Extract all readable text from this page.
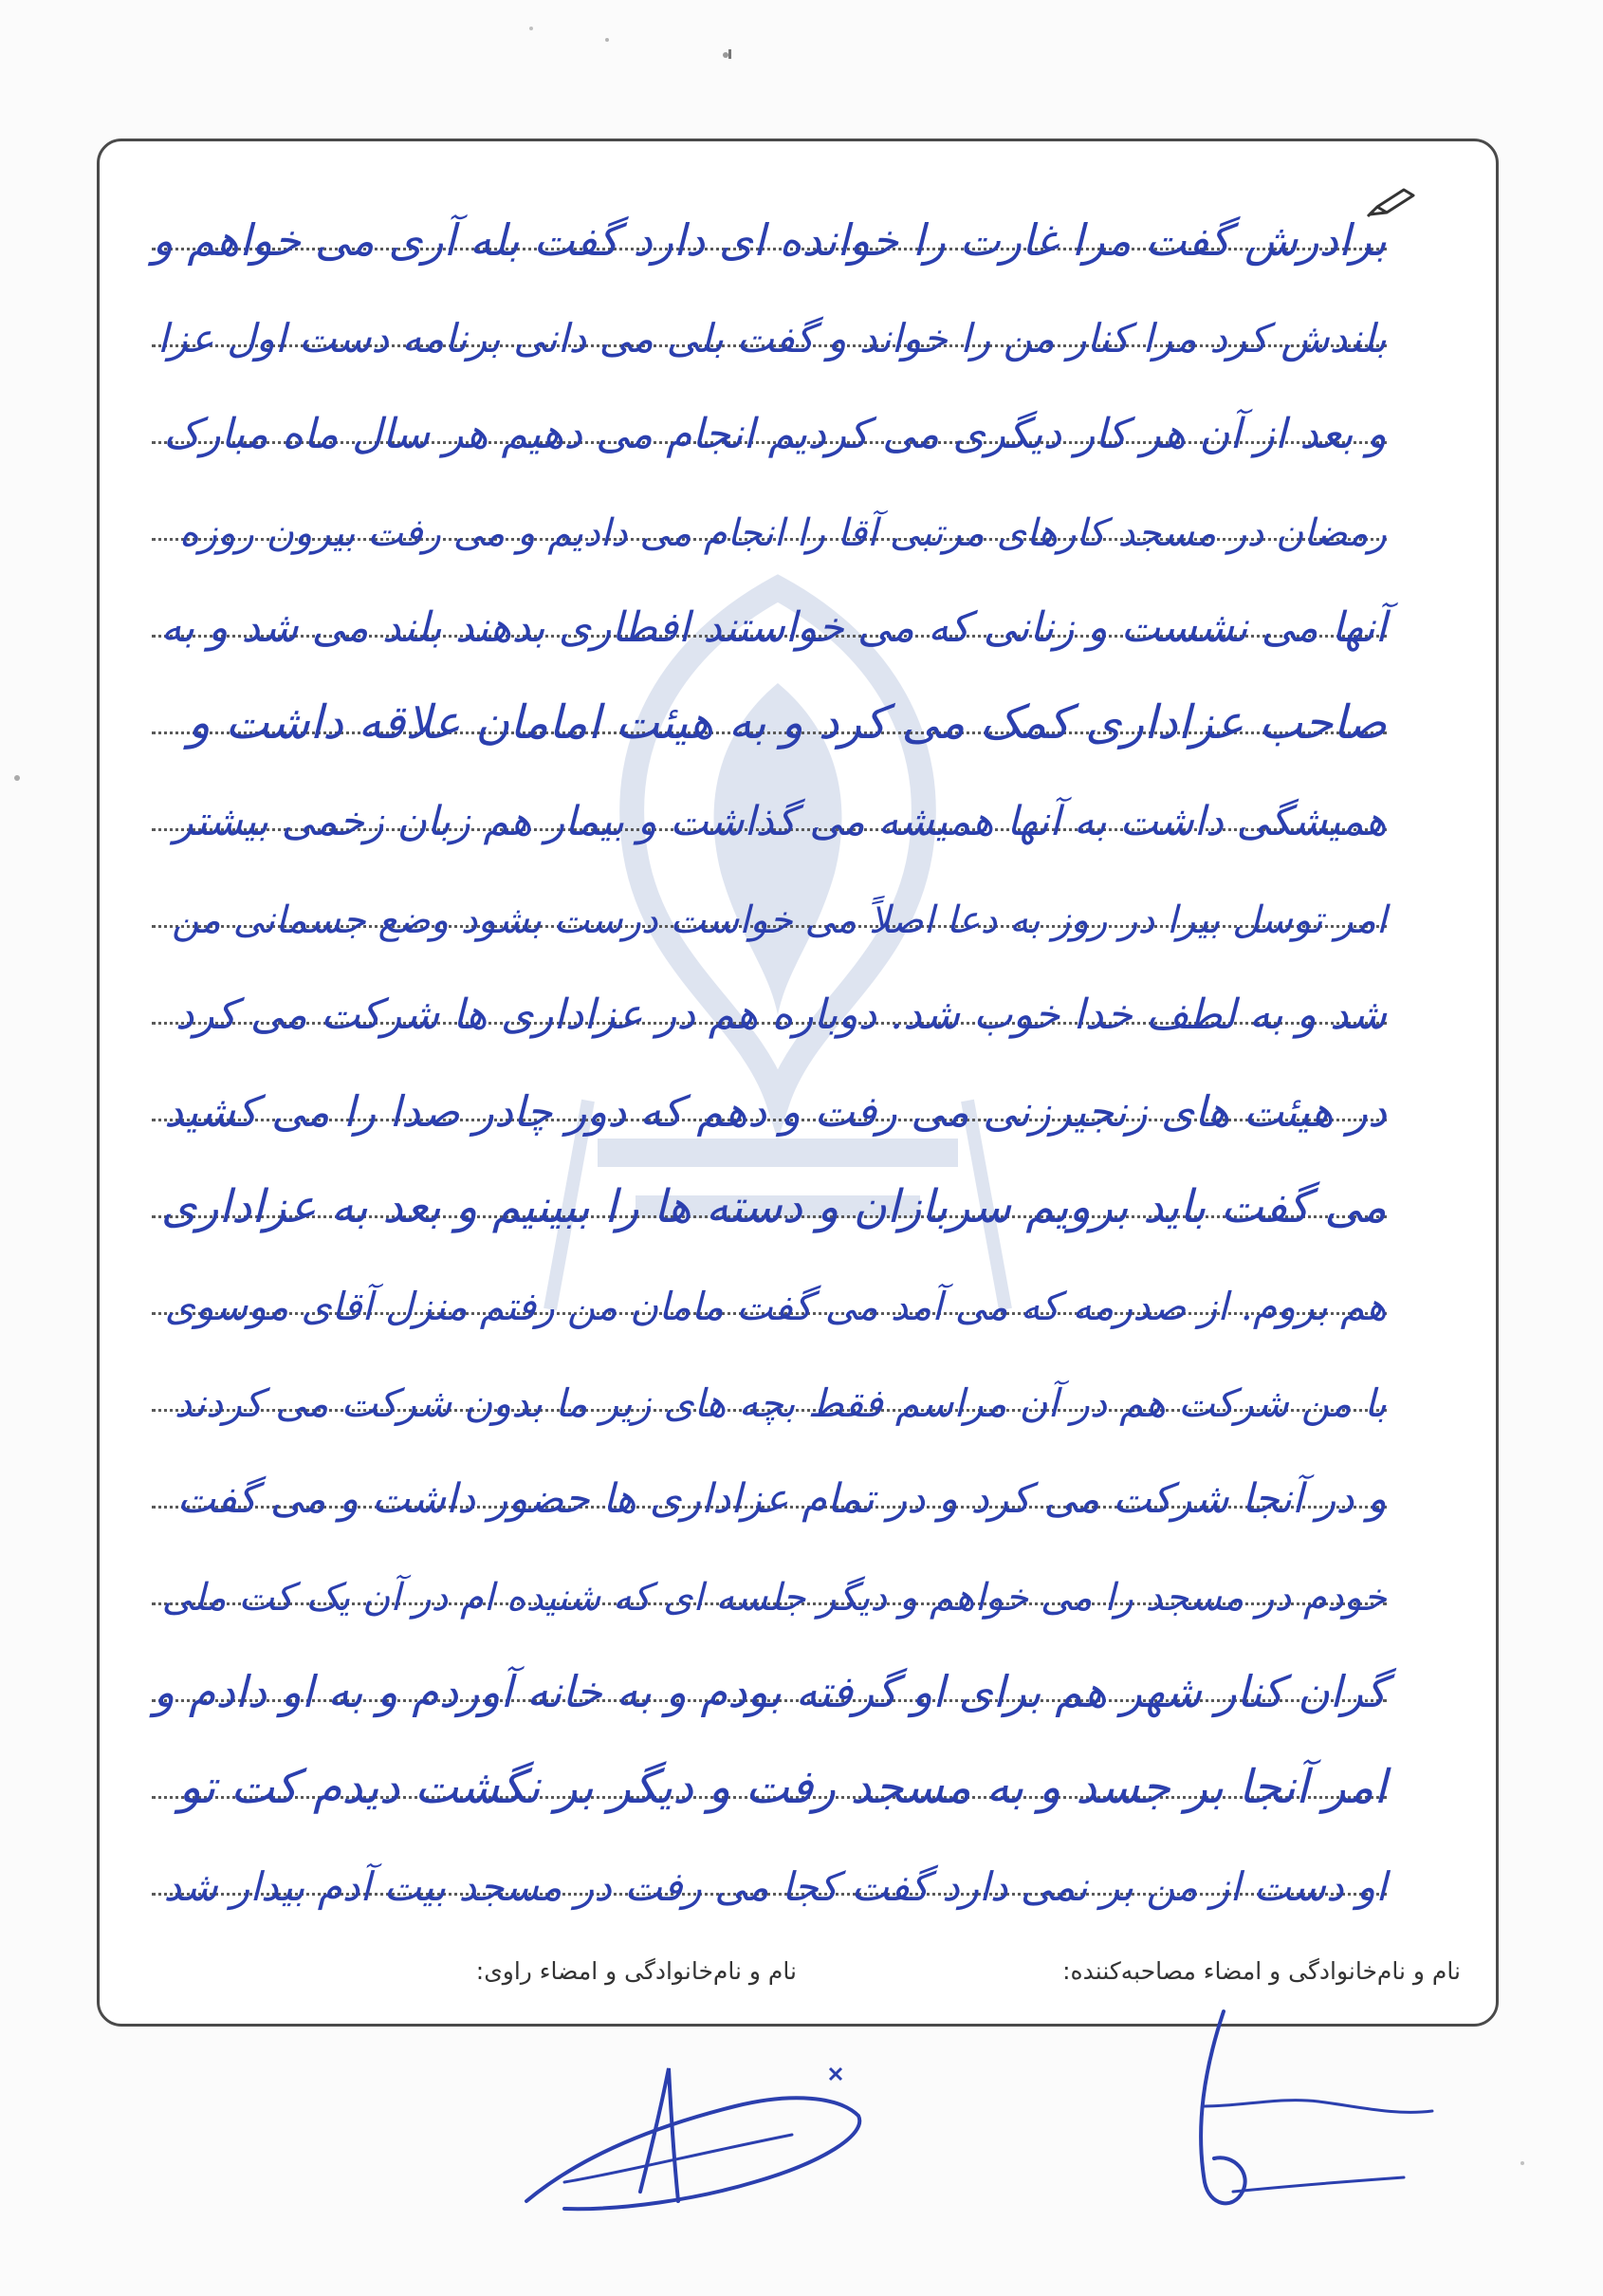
برادرش گفت مرا غارت را خوانده ای دارد گفت بله آری می خواهم و
بلندش کرد مرا کنار من را خواند و گفت بلی می دانی برنامه دست اول عزا
و بعد از آن هر کار دیگری می کردیم انجام می دهیم هر سال ماه مبارک
رمضان در مسجد کارهای مرتبی آقا را انجام می دادیم و می رفت بیرون روزه
آنها می نشست و زنانی که می خواستند افطاری بدهند بلند می شد و به
صاحب عزاداری کمک می کرد و به هیئت امامان علاقه داشت و
همیشگی داشت به آنها همیشه می گذاشت و بیمار هم زبان زخمی بیشتر
امر توسل بیرا در روز به دعا اصلاً می خواست درست بشود وضع جسمانی من
شد و به لطف خدا خوب شد. دوباره هم در عزاداری ها شرکت می کرد
در هیئت های زنجیرزنی می رفت و دهم که دور چادر صدا را می کشید
می گفت باید برویم سربازان و دسته ها را ببینیم و بعد به عزاداری
هم بروم. از صدرمه که می آمد می گفت مامان من رفتم منزل آقای موسوی
با من شرکت هم در آن مراسم فقط بچه های زیر ما بدون شرکت می کردند
و در آنجا شرکت می کرد و در تمام عزاداری ها حضور داشت و می گفت
خودم در مسجد را می خواهم و دیگر جلسه ای که شنیده ام در آن یک کت ملی
گران کنار شهر هم برای او گرفته بودم و به خانه آوردم و به او دادم و
امر آنجا بر جسد و به مسجد رفت و دیگر بر نگشت دیدم کت تو
او دست از من بر نمی دارد گفت کجا می رفت در مسجد بیت آدم بیدار شد
نام و نام‌خانوادگی و امضاء مصاحبه‌کننده:
نام و نام‌خانوادگی و امضاء راوی:
